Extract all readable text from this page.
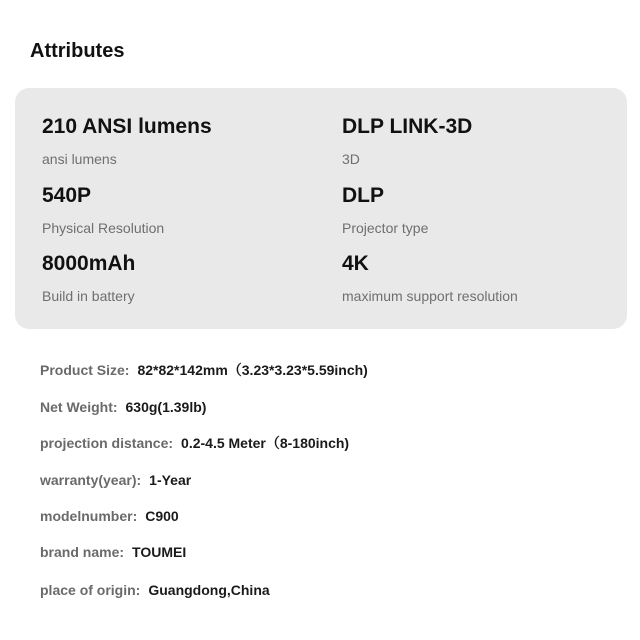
Attributes
210 ANSI lumens
ansi lumens
DLP LINK-3D
3D
540P
Physical Resolution
DLP
Projector type
8000mAh
Build in battery
4K
maximum support resolution
Product Size: 82*82*142mm（3.23*3.23*5.59inch)
Net Weight: 630g(1.39lb)
projection distance: 0.2-4.5 Meter（8-180inch)
warranty(year): 1-Year
modelnumber: C900
brand name: TOUMEI
place of origin: Guangdong,China
